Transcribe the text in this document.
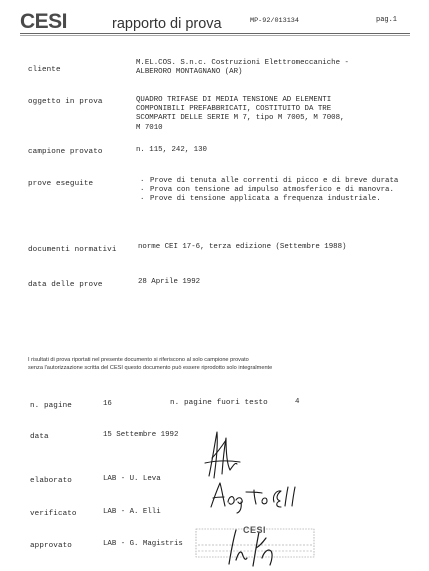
CESI	rapporto di prova	MP-92/013134	pag.1
cliente
M.EL.COS. S.n.c. Costruzioni Elettromeccaniche -
ALBERORO MONTAGNANO (AR)
oggetto in prova	QUADRO TRIFASE DI MEDIA TENSIONE AD ELEMENTI
COMPONIBILI PREFABBRICATI, COSTITUITO DA TRE
SCOMPARTI DELLE SERIE M 7, tipo M 7005, M 7008,
M 7010
campione provato	n. 115, 242, 130
prove eseguite
.	Prove di tenuta alle correnti di picco e di breve durata
. Prova con tensione ad impulso atmosferico e di manovra.
. Prove di tensione applicata a frequenza industriale.
documenti normativi	norme CEI 17-6, terza edizione (Settembre 1988)
data delle prove	28 Aprile 1992
I risultati di prova riportati nel presente documento si riferiscono al solo campione provato
senza l'autorizzazione scritta del CESI questo documento può essere riprodotto solo integralmente
n. pagine	16	n. pagine fuori testo	4
data	15 Settembre 1992
elaborato	LAB - U. Leva
verificato	LAB - A. Elli
approvato	LAB - G. Magistris
CESI
